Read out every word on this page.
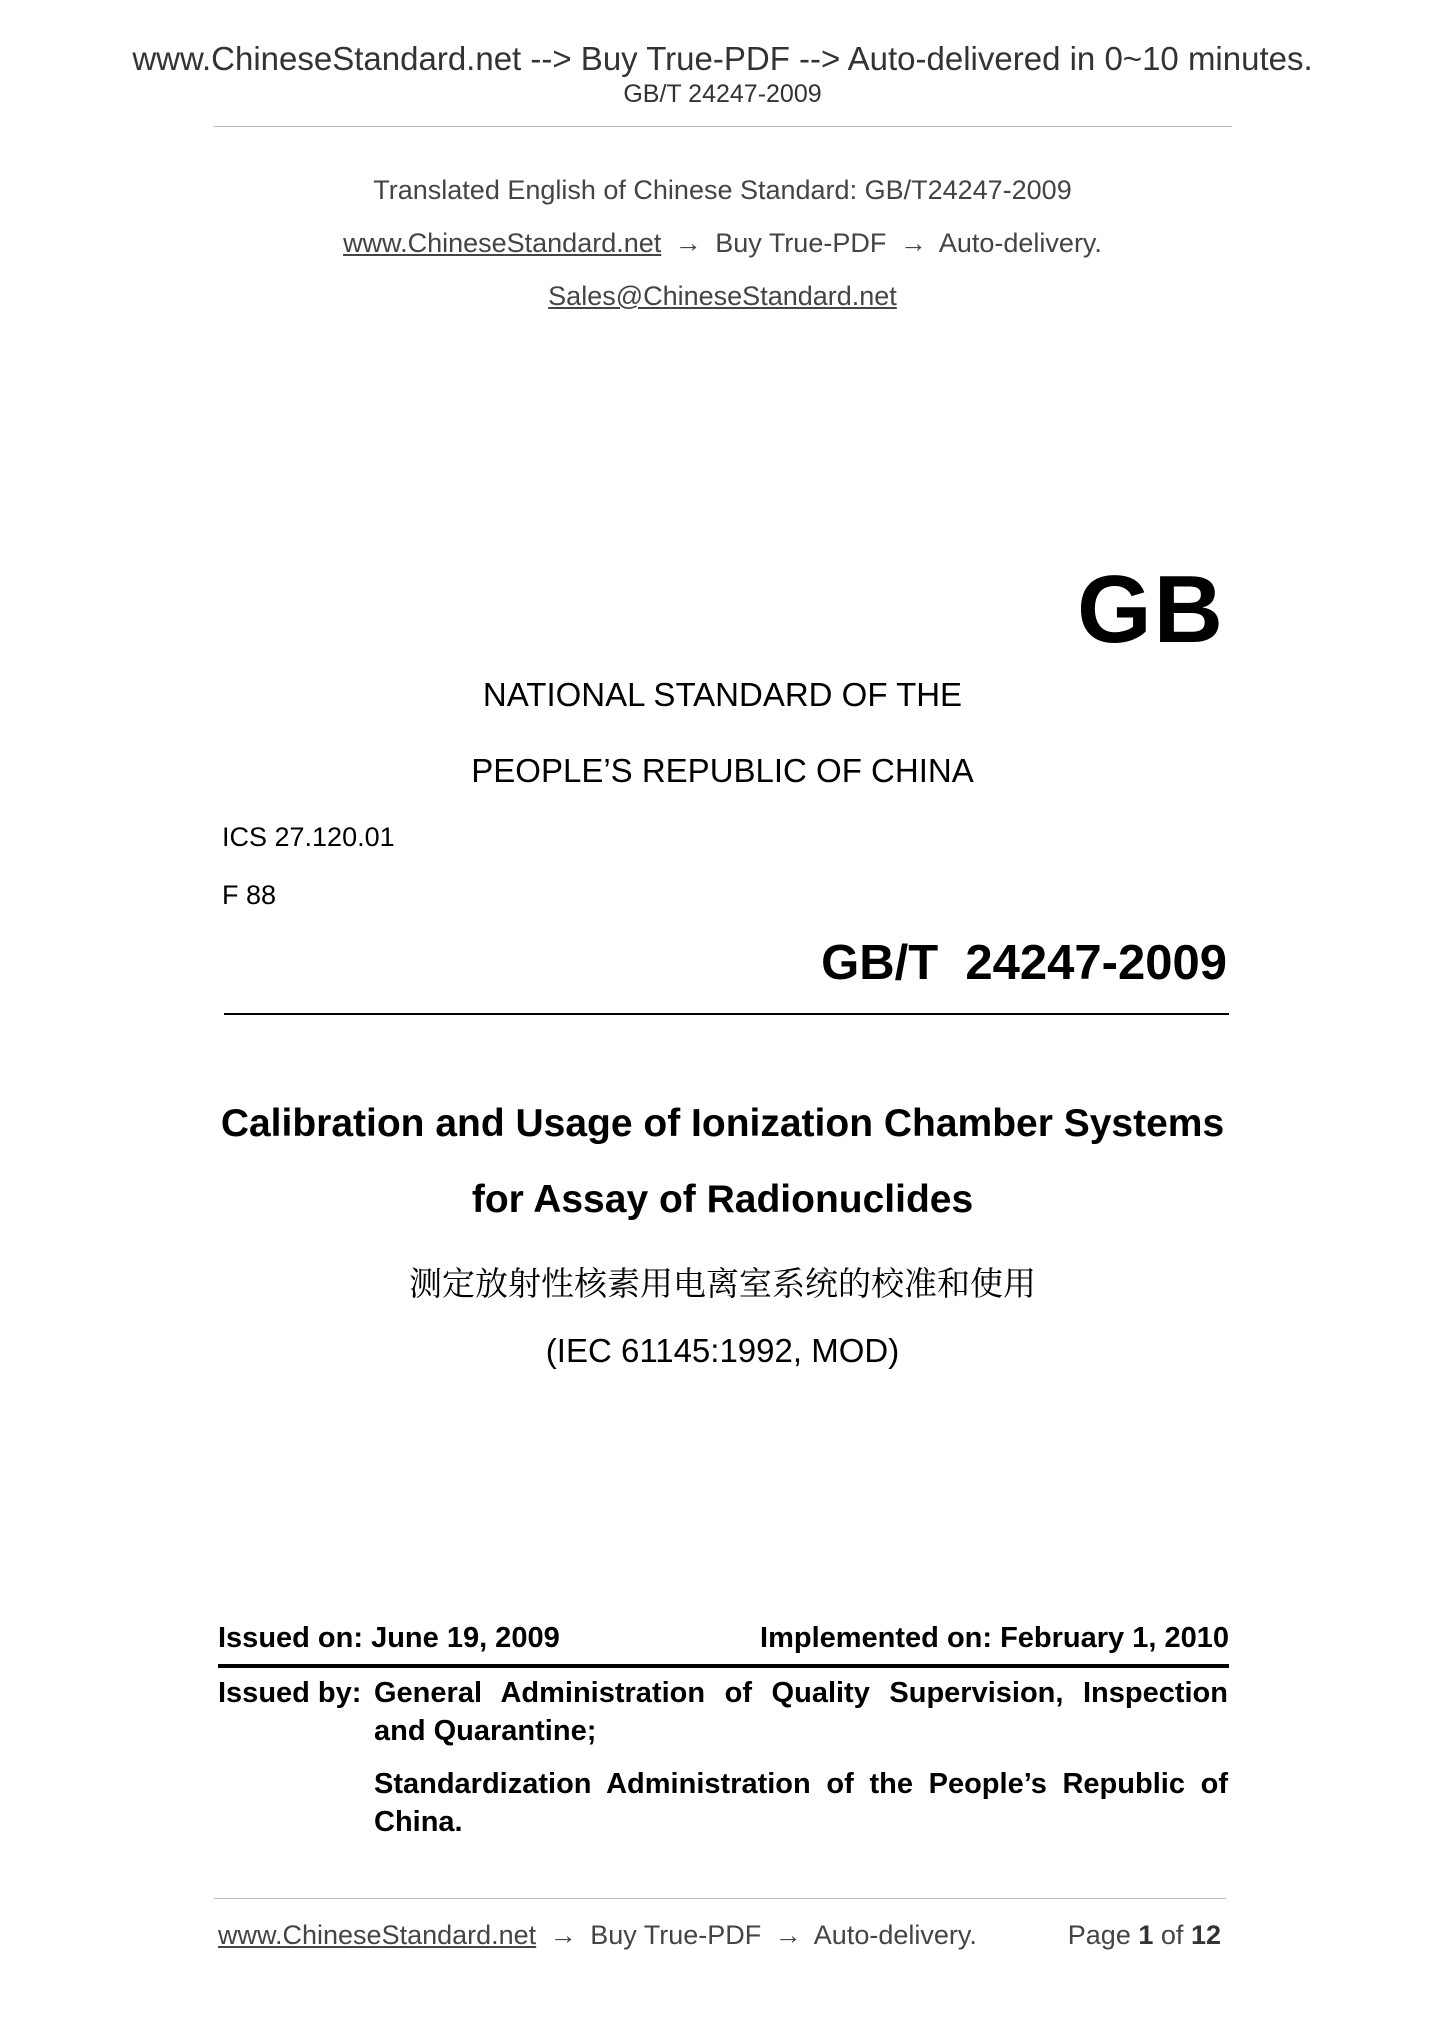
www.ChineseStandard.net --> Buy True-PDF --> Auto-delivered in 0~10 minutes.
GB/T 24247-2009
Translated English of Chinese Standard: GB/T24247-2009
www.ChineseStandard.net → Buy True-PDF → Auto-delivery.
Sales@ChineseStandard.net
GB
NATIONAL STANDARD OF THE
PEOPLE’S REPUBLIC OF CHINA
ICS 27.120.01
F 88
GB/T  24247-2009
Calibration and Usage of Ionization Chamber Systems
for Assay of Radionuclides
测定放射性核素用电离室系统的校准和使用
(IEC 61145:1992, MOD)
Issued on: June 19, 2009	Implemented on: February 1, 2010
Issued by: General Administration of Quality Supervision, Inspection and Quarantine;
Standardization Administration of the People’s Republic of China.
www.ChineseStandard.net → Buy True-PDF → Auto-delivery.	Page 1 of 12
